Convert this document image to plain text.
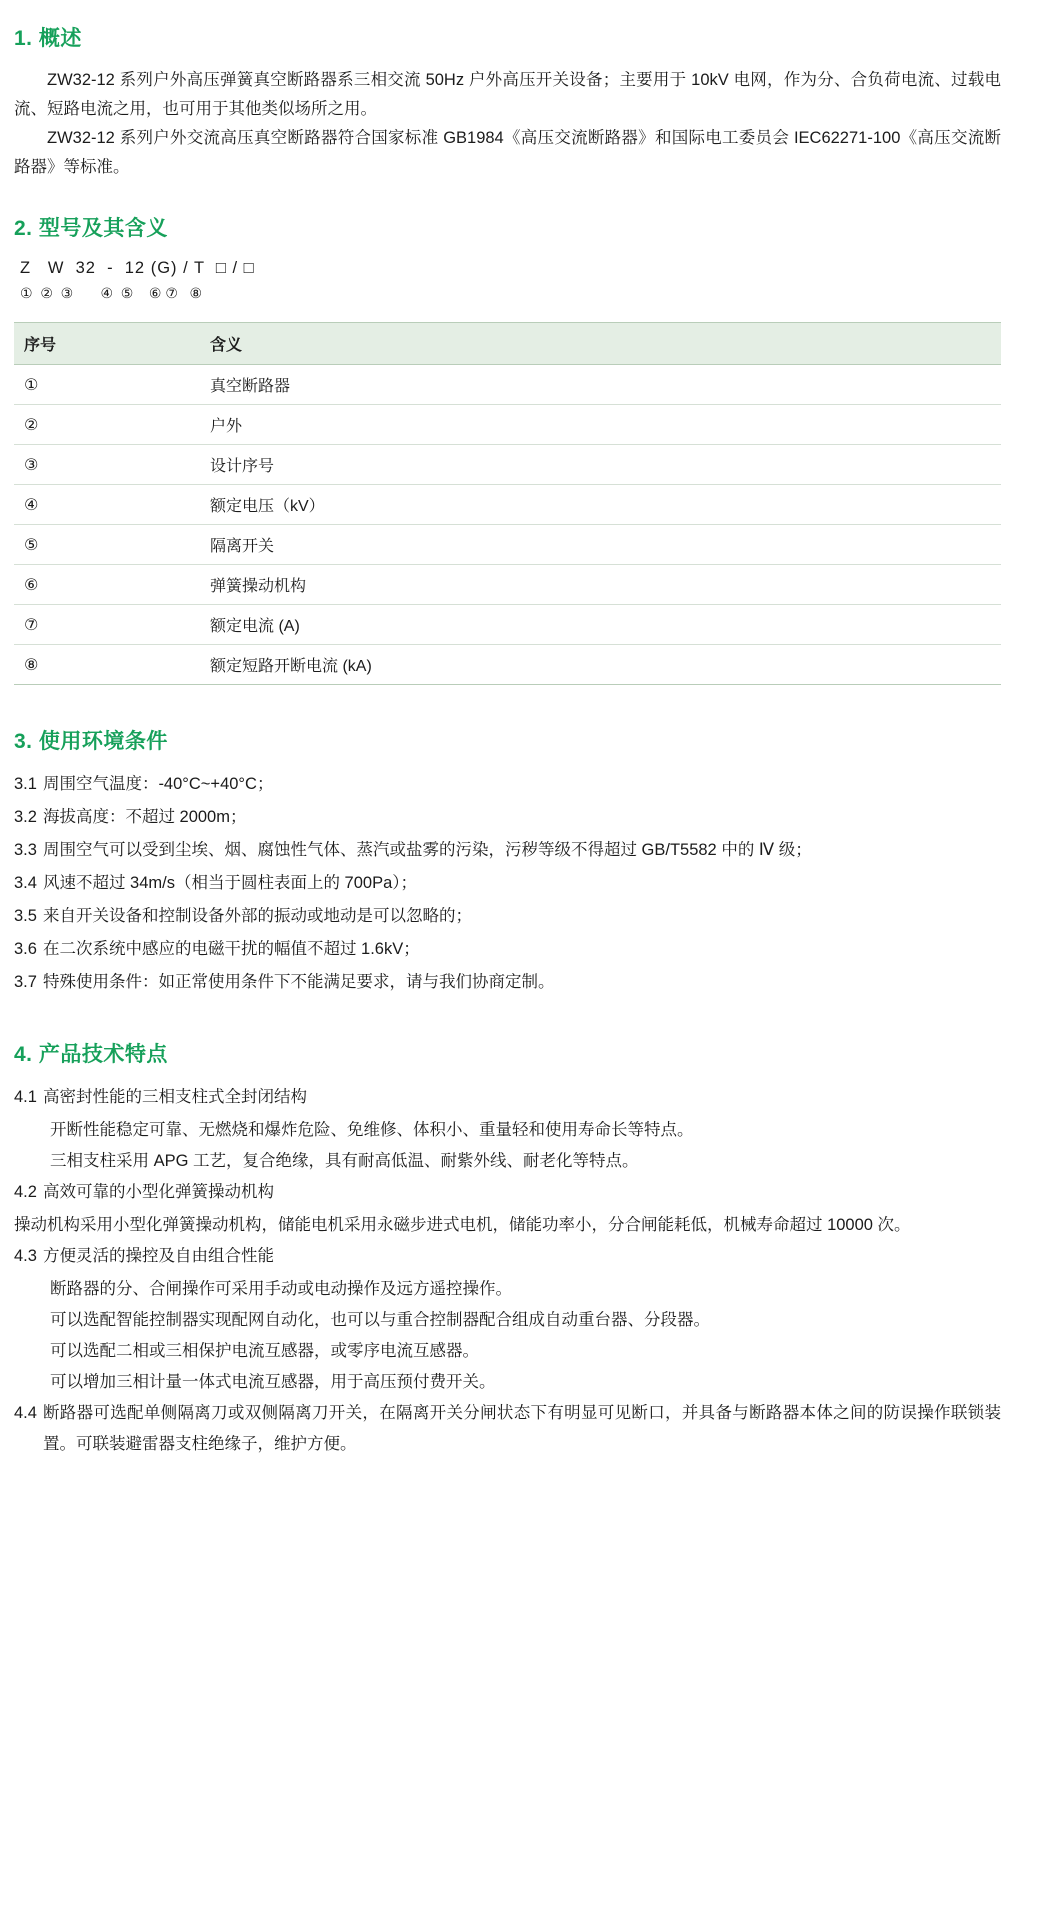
1. 概述

ZW32-12 系列户外高压弹簧真空断路器系三相交流 50Hz 户外高压开关设备；主要用于 10kV 电网，作为分、合负荷电流、过载电流、短路电流之用，也可用于其他类似场所之用。

ZW32-12 系列户外交流高压真空断路器符合国家标准 GB1984《高压交流断路器》和国际电工委员会 IEC62271-100《高压交流断路器》等标准。

2. 型号及其含义
Z   W  32  -  12 (G) / T  □ / □
①  ②  ③       ④  ⑤    ⑥ ⑦   ⑧
序号	含义
①	真空断路器
②	户外
③	设计序号
④	额定电压（kV）
⑤	隔离开关
⑥	弹簧操动机构
⑦	额定电流 (A)
⑧	额定短路开断电流 (kA)
3. 使用环境条件
3.1 周围空气温度：-40°C~+40°C；
3.2 海拔高度：不超过 2000m；
3.3 周围空气可以受到尘埃、烟、腐蚀性气体、蒸汽或盐雾的污染，污秽等级不得超过 GB/T5582 中的 Ⅳ 级；
3.4 风速不超过 34m/s（相当于圆柱表面上的 700Pa）；
3.5 来自开关设备和控制设备外部的振动或地动是可以忽略的；
3.6 在二次系统中感应的电磁干扰的幅值不超过 1.6kV；
3.7 特殊使用条件：如正常使用条件下不能满足要求，请与我们协商定制。
4. 产品技术特点
4.1 高密封性能的三相支柱式全封闭结构

开断性能稳定可靠、无燃烧和爆炸危险、免维修、体积小、重量轻和使用寿命长等特点。

三相支柱采用 APG 工艺，复合绝缘，具有耐高低温、耐紫外线、耐老化等特点。

4.2 高效可靠的小型化弹簧操动机构

操动机构采用小型化弹簧操动机构，储能电机采用永磁步进式电机，储能功率小，分合闸能耗低，机械寿命超过 10000 次。

4.3 方便灵活的操控及自由组合性能

断路器的分、合闸操作可采用手动或电动操作及远方遥控操作。

可以选配智能控制器实现配网自动化，也可以与重合控制器配合组成自动重台器、分段器。

可以选配二相或三相保护电流互感器，或零序电流互感器。

可以增加三相计量一体式电流互感器，用于高压预付费开关。

4.4 断路器可选配单侧隔离刀或双侧隔离刀开关，在隔离开关分闸状态下有明显可见断口，并具备与断路器本体之间的防误操作联锁装置。可联装避雷器支柱绝缘子，维护方便。
